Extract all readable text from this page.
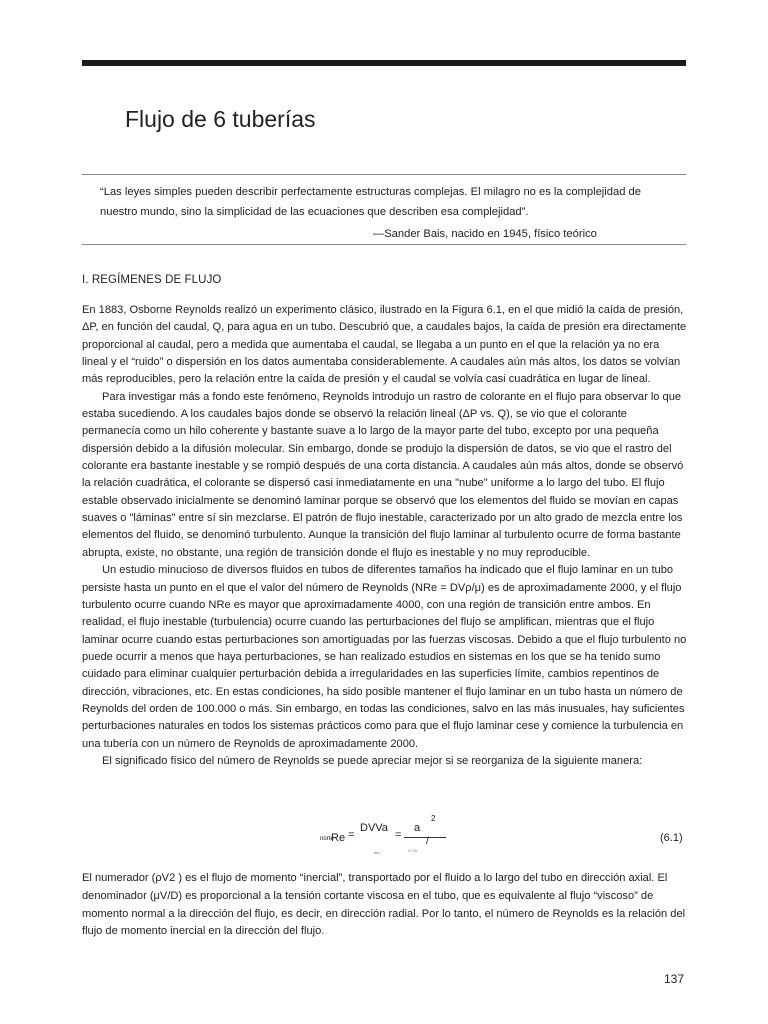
Flujo de 6 tuberías

“Las leyes simples pueden describir perfectamente estructuras complejas. El milagro no es la complejidad de nuestro mundo, sino la simplicidad de las ecuaciones que describen esa complejidad”.

—Sander Bais, nacido en 1945, físico teórico

I. REGÍMENES DE FLUJO

En 1883, Osborne Reynolds realizó un experimento clásico, ilustrado en la Figura 6.1, en el que midió la caída de presión, ΔP, en función del caudal, Q, para agua en un tubo. Descubrió que, a caudales bajos, la caída de presión era directamente proporcional al caudal, pero a medida que aumentaba el caudal, se llegaba a un punto en el que la relación ya no era lineal y el “ruido” o dispersión en los datos aumentaba considerablemente. A caudales aún más altos, los datos se volvían más reproducibles, pero la relación entre la caída de presión y el caudal se volvía casi cuadrática en lugar de lineal.

Para investigar más a fondo este fenómeno, Reynolds introdujo un rastro de colorante en el flujo para observar lo que estaba sucediendo. A los caudales bajos donde se observó la relación lineal (ΔP vs. Q), se vio que el colorante permanecía como un hilo coherente y bastante suave a lo largo de la mayor parte del tubo, excepto por una pequeña dispersión debido a la difusión molecular. Sin embargo, donde se produjo la dispersión de datos, se vio que el rastro del colorante era bastante inestable y se rompió después de una corta distancia. A caudales aún más altos, donde se observó la relación cuadrática, el colorante se dispersó casi inmediatamente en una "nube" uniforme a lo largo del tubo. El flujo estable observado inicialmente se denominó laminar porque se observó que los elementos del fluido se movían en capas suaves o "láminas" entre sí sin mezclarse. El patrón de flujo inestable, caracterizado por un alto grado de mezcla entre los elementos del fluido, se denominó turbulento. Aunque la transición del flujo laminar al turbulento ocurre de forma bastante abrupta, existe, no obstante, una región de transición donde el flujo es inestable y no muy reproducible.

Un estudio minucioso de diversos fluidos en tubos de diferentes tamaños ha indicado que el flujo laminar en un tubo persiste hasta un punto en el que el valor del número de Reynolds (NRe = DVρ/μ) es de aproximadamente 2000, y el flujo turbulento ocurre cuando NRe es mayor que aproximadamente 4000, con una región de transición entre ambos. En realidad, el flujo inestable (turbulencia) ocurre cuando las perturbaciones del flujo se amplifican, mientras que el flujo laminar ocurre cuando estas perturbaciones son amortiguadas por las fuerzas viscosas. Debido a que el flujo turbulento no puede ocurrir a menos que haya perturbaciones, se han realizado estudios en sistemas en los que se ha tenido sumo cuidado para eliminar cualquier perturbación debida a irregularidades en las superficies límite, cambios repentinos de dirección, vibraciones, etc. En estas condiciones, ha sido posible mantener el flujo laminar en un tubo hasta un número de Reynolds del orden de 100.000 o más. Sin embargo, en todas las condiciones, salvo en las más inusuales, hay suficientes perturbaciones naturales en todos los sistemas prácticos como para que el flujo laminar cese y comience la turbulencia en una tubería con un número de Reynolds de aproximadamente 2000.

El significado físico del número de Reynolds se puede apreciar mejor si se reorganiza de la siguiente manera:

norte
Re =
DVVa
=
a
2
mu	V / D
/	(6.1)

El numerador (ρV2 ) es el flujo de momento “inercial”, transportado por el fluido a lo largo del tubo en dirección axial. El denominador (μV/D) es proporcional a la tensión cortante viscosa en el tubo, que es equivalente al flujo “viscoso” de momento normal a la dirección del flujo, es decir, en dirección radial. Por lo tanto, el número de Reynolds es la relación del flujo de momento inercial en la dirección del flujo.

137
